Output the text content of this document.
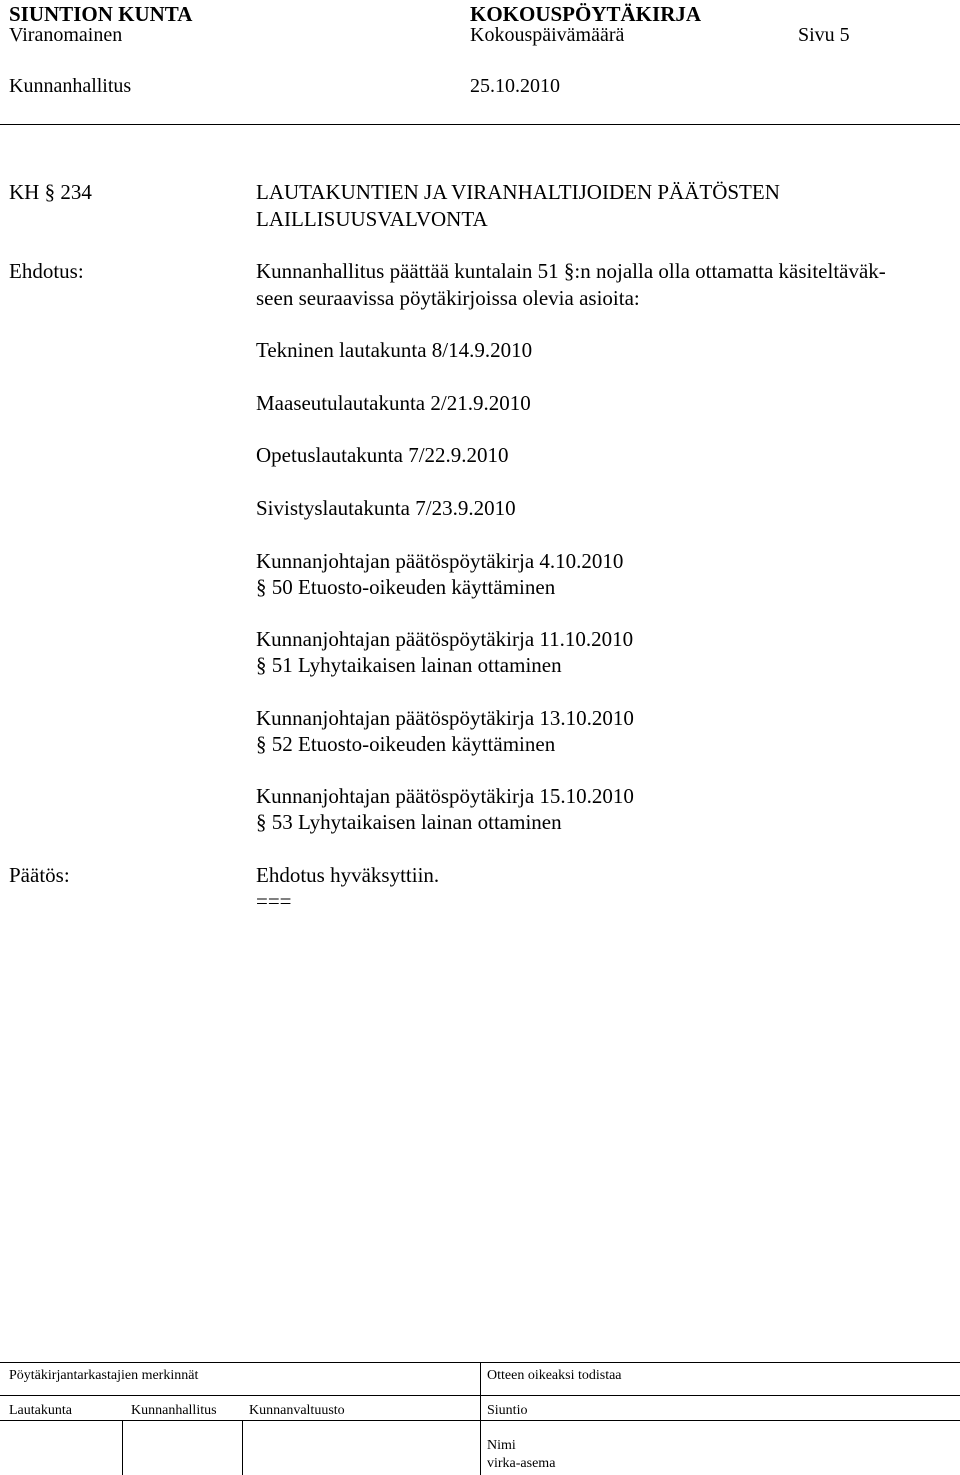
SIUNTION KUNTA	KOKOUSPÖYTÄKIRJA
Viranomainen	Kokouspäivämäärä	Sivu 5
Kunnanhallitus	25.10.2010
KH § 234	LAUTAKUNTIEN JA VIRANHALTIJOIDEN PÄÄTÖSTEN
LAILLISUUSVALVONTA
Ehdotus:	Kunnanhallitus päättää kuntalain 51 §:n nojalla olla ottamatta käsiteltäväk-
seen seuraavissa pöytäkirjoissa olevia asioita:
Tekninen lautakunta 8/14.9.2010
Maaseutulautakunta 2/21.9.2010
Opetuslautakunta 7/22.9.2010
Sivistyslautakunta 7/23.9.2010
Kunnanjohtajan päätöspöytäkirja 4.10.2010
§ 50 Etuosto-oikeuden käyttäminen
Kunnanjohtajan päätöspöytäkirja 11.10.2010
§ 51 Lyhytaikaisen lainan ottaminen
Kunnanjohtajan päätöspöytäkirja 13.10.2010
§ 52 Etuosto-oikeuden käyttäminen
Kunnanjohtajan päätöspöytäkirja 15.10.2010
§ 53 Lyhytaikaisen lainan ottaminen
Päätös:	Ehdotus hyväksyttiin.
===
Pöytäkirjantarkastajien merkinnät	Otteen oikeaksi todistaa
Lautakunta	Kunnanhallitus Kunnanvaltuusto	Siuntio
Nimi
virka-asema
